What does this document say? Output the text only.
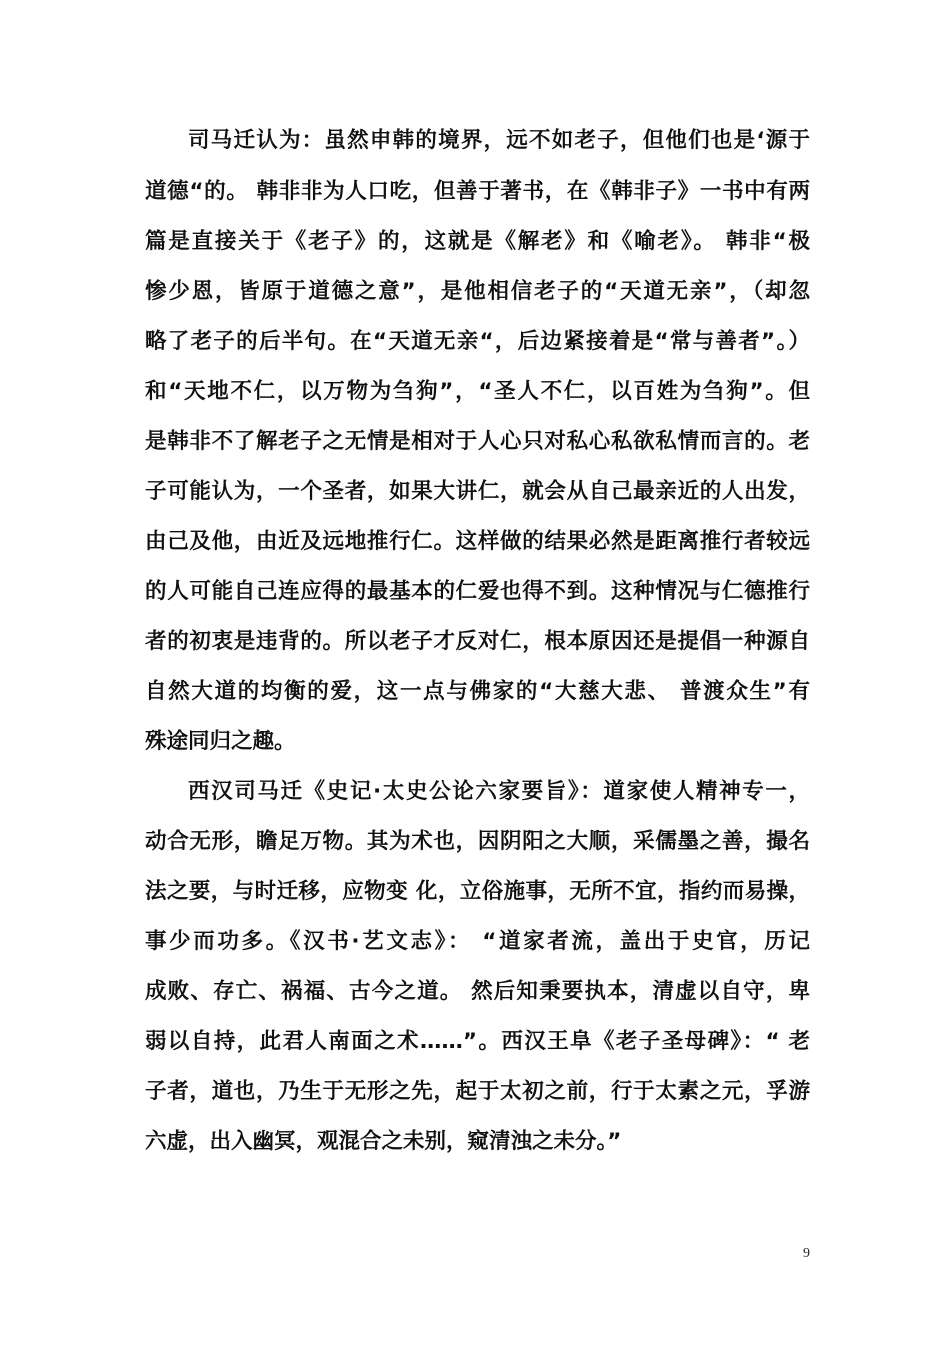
司马迁认为：虽然申韩的境界，远不如老子，但他们也是‘源于
道德“的。 韩非非为人口吃，但善于著书，在《韩非子》一书中有两
篇是直接关于《老子》的，这就是《解老》和《喻老》。 韩非“极
惨少恩，皆原于道德之意”，是他相信老子的“天道无亲”，（却忽
略了老子的后半句。在“天道无亲“，后边紧接着是“常与善者”。）
和“天地不仁，以万物为刍狗”，“圣人不仁，以百姓为刍狗”。但
是韩非不了解老子之无情是相对于人心只对私心私欲私情而言的。老
子可能认为，一个圣者，如果大讲仁，就会从自己最亲近的人出发，
由己及他，由近及远地推行仁。这样做的结果必然是距离推行者较远
的人可能自己连应得的最基本的仁爱也得不到。这种情况与仁德推行
者的初衷是违背的。所以老子才反对仁，根本原因还是提倡一种源自
自然大道的均衡的爱，这一点与佛家的“大慈大悲、 普渡众生”有
殊途同归之趣。
西汉司马迁《史记·太史公论六家要旨》：道家使人精神专一，
动合无形，瞻足万物。其为术也，因阴阳之大顺，采儒墨之善，撮名
法之要，与时迁移，应物变 化，立俗施事，无所不宜，指约而易操，
事少而功多。《汉书·艺文志》： “道家者流，盖出于史官，历记
成败、存亡、祸福、古今之道。 然后知秉要执本，清虚以自守，卑
弱以自持，此君人南面之术……”。西汉王阜《老子圣母碑》：“ 老
子者，道也，乃生于无形之先，起于太初之前，行于太素之元，孚游
六虚，出入幽冥，观混合之未别，窥清浊之未分。”
9
